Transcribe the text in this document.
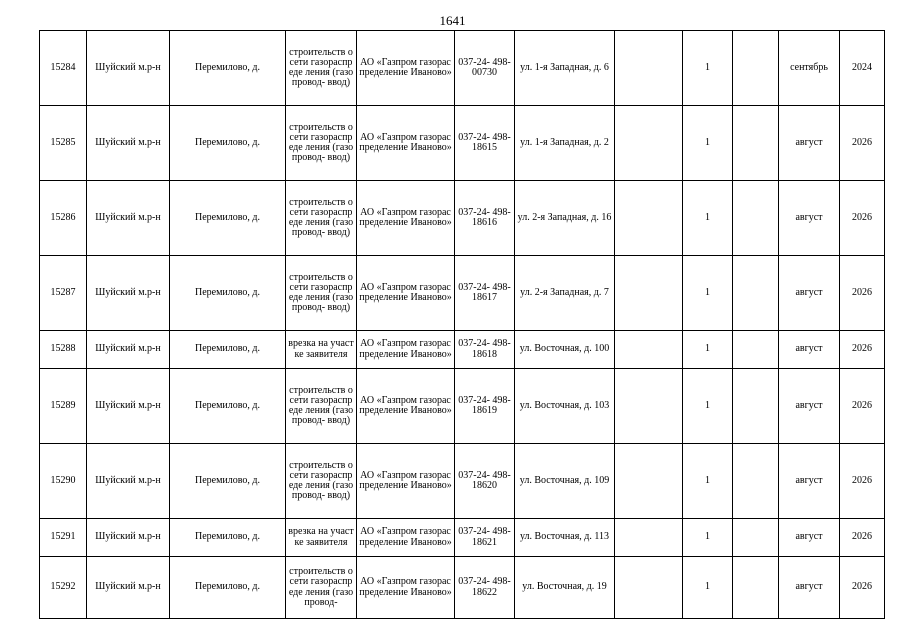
1641
15284	Шуйский м.р-н	Перемилово, д.	строительств о сети газораспреде ления (газопровод- ввод)	АО «Газпром газораспределение Иваново»	037-24- 498-00730	ул. 1-я Западная, д. 6		1		сентябрь	2024
15285	Шуйский м.р-н	Перемилово, д.	строительств о сети газораспреде ления (газопровод- ввод)	АО «Газпром газораспределение Иваново»	037-24- 498-18615	ул. 1-я Западная, д. 2		1		август	2026
15286	Шуйский м.р-н	Перемилово, д.	строительств о сети газораспреде ления (газопровод- ввод)	АО «Газпром газораспределение Иваново»	037-24- 498-18616	ул. 2-я Западная, д. 16		1		август	2026
15287	Шуйский м.р-н	Перемилово, д.	строительств о сети газораспреде ления (газопровод- ввод)	АО «Газпром газораспределение Иваново»	037-24- 498-18617	ул. 2-я Западная, д. 7		1		август	2026
15288	Шуйский м.р-н	Перемилово, д.	врезка на участке заявителя	АО «Газпром газораспределение Иваново»	037-24- 498-18618	ул. Восточная, д. 100		1		август	2026
15289	Шуйский м.р-н	Перемилово, д.	строительств о сети газораспреде ления (газопровод- ввод)	АО «Газпром газораспределение Иваново»	037-24- 498-18619	ул. Восточная, д. 103		1		август	2026
15290	Шуйский м.р-н	Перемилово, д.	строительств о сети газораспреде ления (газопровод- ввод)	АО «Газпром газораспределение Иваново»	037-24- 498-18620	ул. Восточная, д. 109		1		август	2026
15291	Шуйский м.р-н	Перемилово, д.	врезка на участке заявителя	АО «Газпром газораспределение Иваново»	037-24- 498-18621	ул. Восточная, д. 113		1		август	2026
15292	Шуйский м.р-н	Перемилово, д.	строительств о сети газораспреде ления (газопровод-	АО «Газпром газораспределение Иваново»	037-24- 498-18622	ул. Восточная, д. 19		1		август	2026
